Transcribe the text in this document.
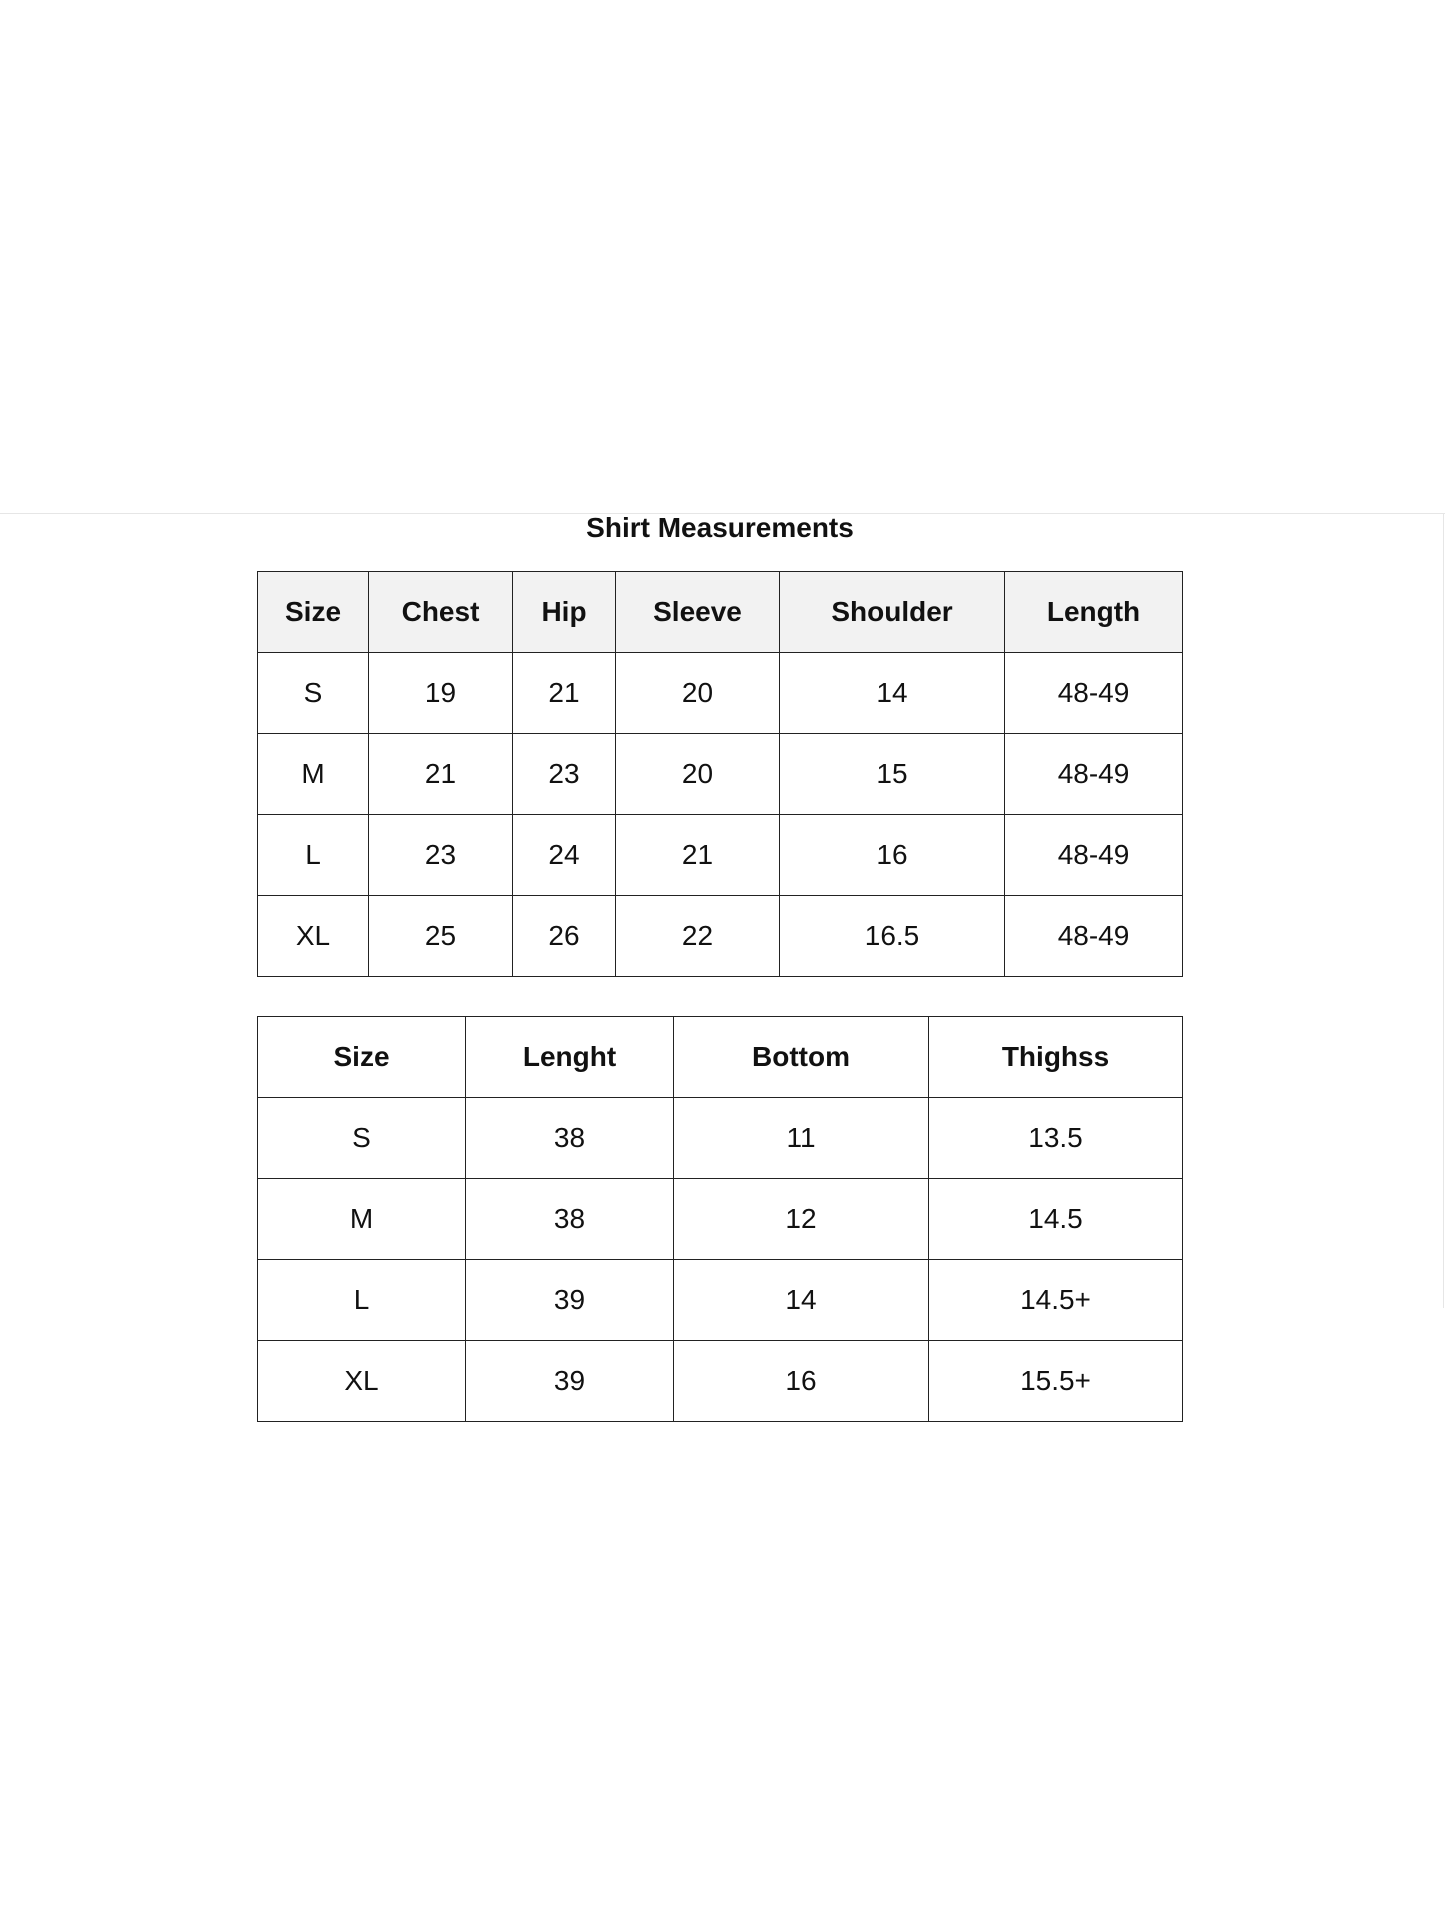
Shirt Measurements
Size	Chest	Hip	Sleeve	Shoulder	Length
S	19	21	20	14	48-49
M	21	23	20	15	48-49
L	23	24	21	16	48-49
XL	25	26	22	16.5	48-49
Size	Lenght	Bottom	Thighss
S	38	11	13.5
M	38	12	14.5
L	39	14	14.5+
XL	39	16	15.5+
